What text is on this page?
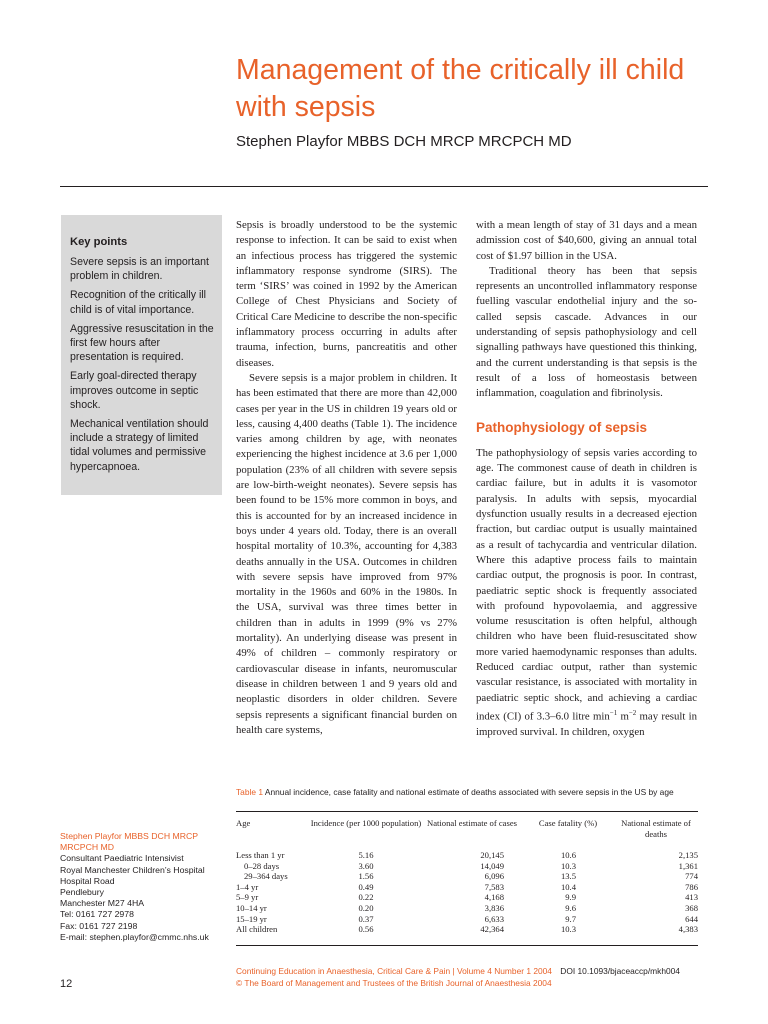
Management of the critically ill child with sepsis
Stephen Playfor MBBS DCH MRCP MRCPCH MD
Key points
Severe sepsis is an important problem in children.
Recognition of the critically ill child is of vital importance.
Aggressive resuscitation in the first few hours after presentation is required.
Early goal-directed therapy improves outcome in septic shock.
Mechanical ventilation should include a strategy of limited tidal volumes and permissive hypercapnoea.

Sepsis is broadly understood to be the systemic response to infection. It can be said to exist when an infectious process has triggered the systemic inflammatory response syndrome (SIRS). The term ‘SIRS’ was coined in 1992 by the American College of Chest Physicians and Society of Critical Care Medicine to describe the non-specific inflammatory process occurring in adults after trauma, infection, burns, pancreatitis and other diseases.

Severe sepsis is a major problem in children. It has been estimated that there are more than 42,000 cases per year in the US in children 19 years old or less, causing 4,400 deaths (Table 1). The incidence varies among children by age, with neonates experiencing the highest incidence at 3.6 per 1,000 population (23% of all children with severe sepsis are low-birth-weight neonates). Severe sepsis has been found to be 15% more common in boys, and this is accounted for by an increased incidence in boys under 4 years old. Today, there is an overall hospital mortality of 10.3%, accounting for 4,383 deaths annually in the USA. Outcomes in children with severe sepsis have improved from 97% mortality in the 1960s and 60% in the 1980s. In the USA, survival was three times better in children than in adults in 1999 (9% vs 27% mortality). An underlying disease was present in 49% of children – commonly respiratory or cardiovascular disease in infants, neuromuscular disease in children between 1 and 9 years old and neoplastic disorders in older children. Severe sepsis represents a significant financial burden on health care systems,

with a mean length of stay of 31 days and a mean admission cost of $40,600, giving an annual total cost of $1.97 billion in the USA.

Traditional theory has been that sepsis represents an uncontrolled inflammatory response fuelling vascular endothelial injury and the so-called sepsis cascade. Advances in our understanding of sepsis pathophysiology and cell signalling pathways have questioned this thinking, and the current understanding is that sepsis is the result of a loss of homeostasis between inflammation, coagulation and fibrinolysis.

Pathophysiology of sepsis

The pathophysiology of sepsis varies according to age. The commonest cause of death in children is cardiac failure, but in adults it is vasomotor paralysis. In adults with sepsis, myocardial dysfunction usually results in a decreased ejection fraction, but cardiac output is usually maintained as a result of tachycardia and ventricular dilation. Where this adaptive process fails to maintain cardiac output, the prognosis is poor. In contrast, paediatric septic shock is frequently associated with profound hypovolaemia, and aggressive volume resuscitation is often helpful, although children who have been fluid-resuscitated show more varied haemodynamic responses than adults. Reduced cardiac output, rather than systemic vascular resistance, is associated with mortality in paediatric septic shock, and achieving a cardiac index (CI) of 3.3–6.0 litre $\min^{-1} m^{-2}$ may result in improved survival. In children, oxygen

Table 1 Annual incidence, case fatality and national estimate of deaths associated with severe sepsis in the US by age
Age	Incidence (per 1000 population)	National estimate of cases	Case fatality (%)	National estimate of deaths
Less than 1 yr	5.16	20,145	10.6	2,135
0–28 days	3.60	14,049	10.3	1,361
29–364 days	1.56	6,096	13.5	774
1–4 yr	0.49	7,583	10.4	786
5–9 yr	0.22	4,168	9.9	413
10–14 yr	0.20	3,836	9.6	368
15–19 yr	0.37	6,633	9.7	644
All children	0.56	42,364	10.3	4,383
Stephen Playfor MBBS DCH MRCP MRCPCH MD
Consultant Paediatric Intensivist
Royal Manchester Children’s Hospital
Hospital Road
Pendlebury
Manchester M27 4HA
Tel: 0161 727 2978
Fax: 0161 727 2198
E-mail: stephen.playfor@cmmc.nhs.uk
12
Continuing Education in Anaesthesia, Critical Care & Pain | Volume 4 Number 1 2004 DOI 10.1093/bjaceaccp/mkh004
© The Board of Management and Trustees of the British Journal of Anaesthesia 2004
